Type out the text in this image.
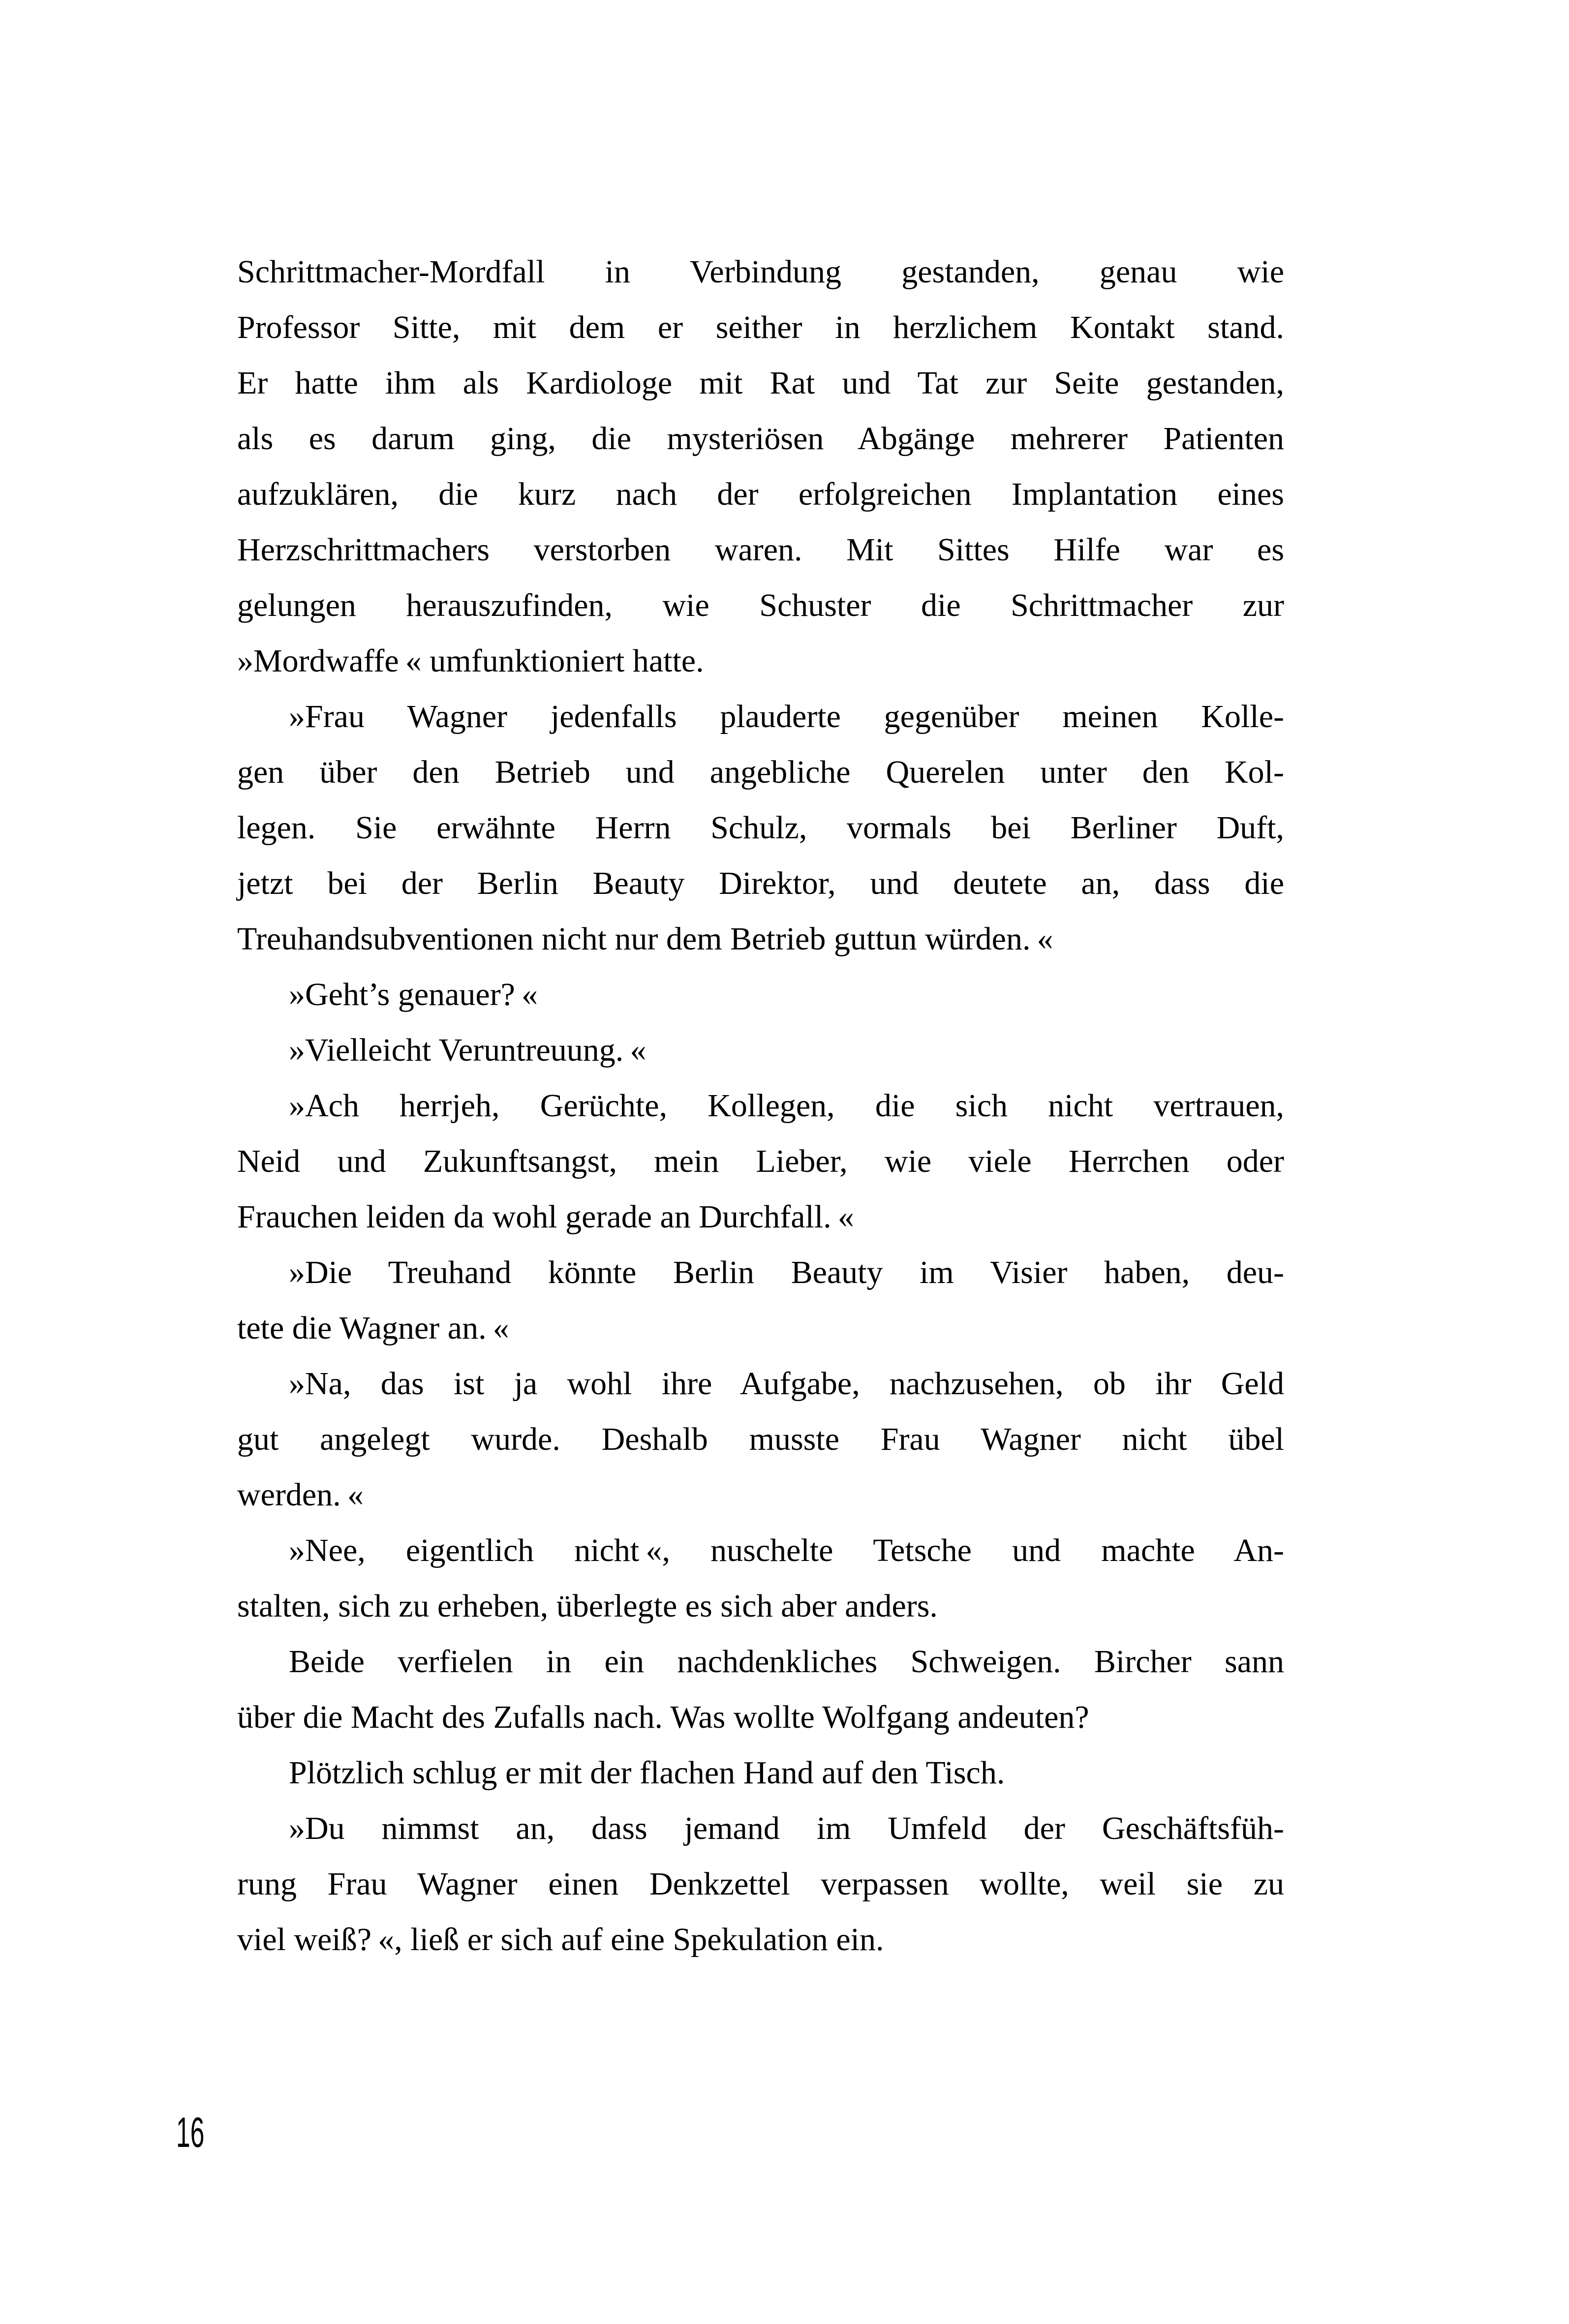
Schrittmacher-Mordfall in Verbindung gestanden, genau wie
Professor Sitte, mit dem er seither in herzlichem Kontakt stand.
Er hatte ihm als Kardiologe mit Rat und Tat zur Seite gestanden,
als es darum ging, die mysteriösen Abgänge mehrerer Patienten
aufzuklären, die kurz nach der erfolgreichen Implantation eines
Herzschrittmachers verstorben waren. Mit Sittes Hilfe war es
gelungen herauszufinden, wie Schuster die Schrittmacher zur
»Mordwaffe « umfunktioniert hatte.
»Frau Wagner jedenfalls plauderte gegenüber meinen Kolle-
gen über den Betrieb und angebliche Querelen unter den Kol-
legen. Sie erwähnte Herrn Schulz, vormals bei Berliner Duft,
jetzt bei der Berlin Beauty Direktor, und deutete an, dass die
Treuhandsubventionen nicht nur dem Betrieb guttun würden. «
»Geht’s genauer? «
»Vielleicht Veruntreuung. «
»Ach herrjeh, Gerüchte, Kollegen, die sich nicht vertrauen,
Neid und Zukunftsangst, mein Lieber, wie viele Herrchen oder
Frauchen leiden da wohl gerade an Durchfall. «
»Die Treuhand könnte Berlin Beauty im Visier haben, deu-
tete die Wagner an. «
»Na, das ist ja wohl ihre Aufgabe, nachzusehen, ob ihr Geld
gut angelegt wurde. Deshalb musste Frau Wagner nicht übel
werden. «
»Nee, eigentlich nicht «, nuschelte Tetsche und machte An-
stalten, sich zu erheben, überlegte es sich aber anders.
Beide verfielen in ein nachdenkliches Schweigen. Bircher sann
über die Macht des Zufalls nach. Was wollte Wolfgang andeuten?
Plötzlich schlug er mit der flachen Hand auf den Tisch.
»Du nimmst an, dass jemand im Umfeld der Geschäftsfüh-
rung Frau Wagner einen Denkzettel verpassen wollte, weil sie zu
viel weiß? «, ließ er sich auf eine Spekulation ein.
16
